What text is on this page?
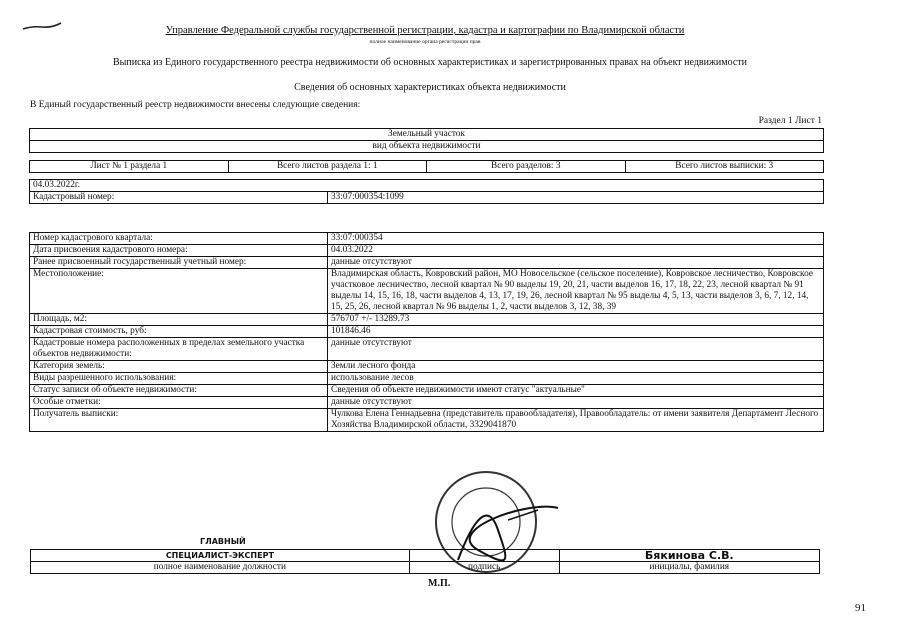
Управление Федеральной службы государственной регистрации, кадастра и картографии по Владимирской области
полное наименование органа регистрации прав
Выписка из Единого государственного реестра недвижимости об основных характеристиках и зарегистрированных правах на объект недвижимости
Сведения об основных характеристиках объекта недвижимости
В Единый государственный реестр недвижимости внесены следующие сведения:
Раздел 1 Лист 1
Земельный участок
вид объекта недвижимости
Лист № 1 раздела 1	Всего листов раздела 1: 1	Всего разделов: 3	Всего листов выписки: 3
04.03.2022г.
Кадастровый номер:	33:07:000354:1099
Номер кадастрового квартала:	33:07:000354
Дата присвоения кадастрового номера:	04.03.2022
Ранее присвоенный государственный учетный номер:	данные отсутствуют
Местоположение:	Владимирская область, Ковровский район, МО Новосельское (сельское поселение), Ковровское лесничество, Ковровское участковое лесничество, лесной квартал № 90 выделы 19, 20, 21, части выделов 16, 17, 18, 22, 23, лесной квартал № 91 выделы 14, 15, 16, 18, части выделов 4, 13, 17, 19, 26, лесной квартал № 95 выделы 4, 5, 13, части выделов 3, 6, 7, 12, 14, 15, 25, 26, лесной квартал № 96 выделы 1, 2, части выделов 3, 12, 38, 39
Площадь, м2:	576707 +/- 13289.73
Кадастровая стоимость, руб:	101846.46
Кадастровые номера расположенных в пределах земельного участка объектов недвижимости:	данные отсутствуют
Категория земель:	Земли лесного фонда
Виды разрешенного использования:	использование лесов
Статус записи об объекте недвижимости:	Сведения об объекте недвижимости имеют статус "актуальные"
Особые отметки:	данные отсутствуют
Получатель выписки:	Чулкова Елена Геннадьевна (представитель правообладателя), Правообладатель: от имени заявителя Департамент Лесного Хозяйства Владимирской области, 3329041870
ГЛАВНЫЙ
СПЕЦИАЛИСТ-ЭКСПЕРТ		Бякинова С.В.
полное наименование должности	подпись	инициалы, фамилия
М.П.
91
